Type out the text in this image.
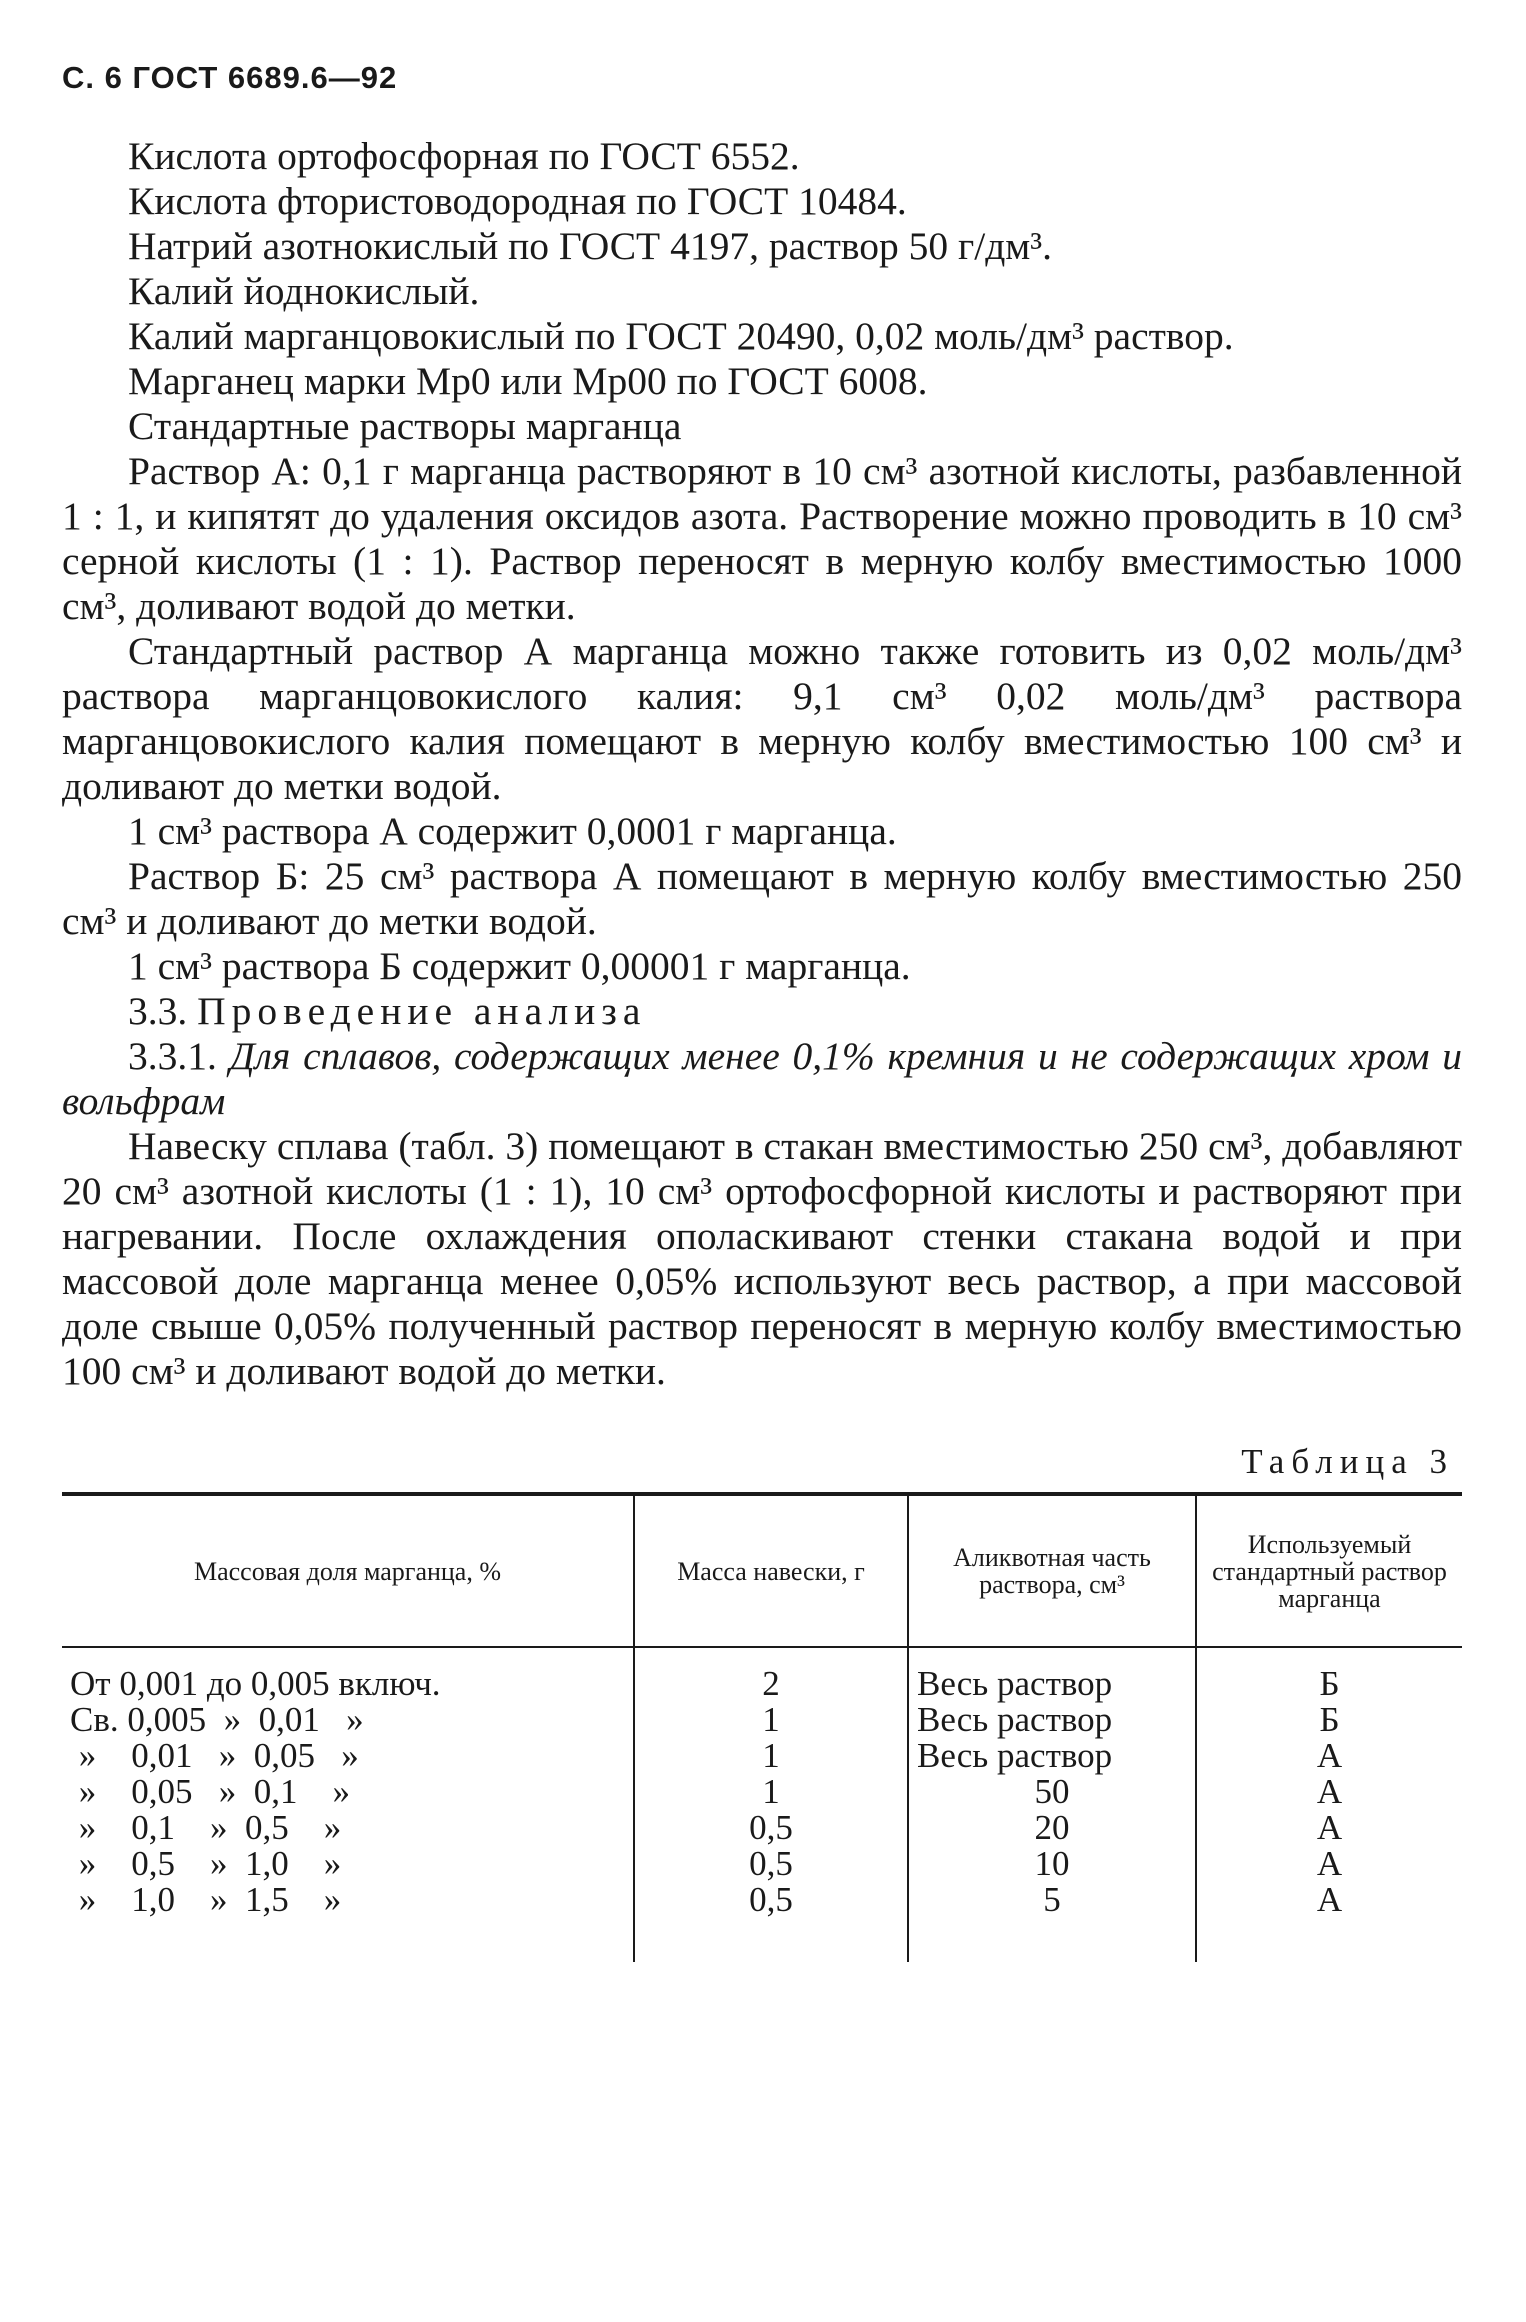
С. 6 ГОСТ 6689.6—92

Кислота ортофосфорная по ГОСТ 6552.

Кислота фтористоводородная по ГОСТ 10484.

Натрий азотнокислый по ГОСТ 4197, раствор 50 г/дм³.

Калий йоднокислый.

Калий марганцовокислый по ГОСТ 20490, 0,02 моль/дм³ раствор.

Марганец марки Мр0 или Мр00 по ГОСТ 6008.

Стандартные растворы марганца

Раствор А: 0,1 г марганца растворяют в 10 см³ азотной кислоты, разбавленной 1 : 1, и кипятят до удаления оксидов азота. Растворение можно проводить в 10 см³ серной кислоты (1 : 1). Раствор переносят в мерную колбу вместимостью 1000 см³, доливают водой до метки.

Стандартный раствор А марганца можно также готовить из 0,02 моль/дм³ раствора марганцовокислого калия: 9,1 см³ 0,02 моль/дм³ раствора марганцовокислого калия помещают в мерную колбу вместимостью 100 см³ и доливают до метки водой.

1 см³ раствора А содержит 0,0001 г марганца.

Раствор Б: 25 см³ раствора А помещают в мерную колбу вместимостью 250 см³ и доливают до метки водой.

1 см³ раствора Б содержит 0,00001 г марганца.

3.3. Проведение анализа

3.3.1. Для сплавов, содержащих менее 0,1% кремния и не содержащих хром и вольфрам

Навеску сплава (табл. 3) помещают в стакан вместимостью 250 см³, добавляют 20 см³ азотной кислоты (1 : 1), 10 см³ ортофосфорной кислоты и растворяют при нагревании. После охлаждения ополаскивают стенки стакана водой и при массовой доле марганца менее 0,05% используют весь раствор, а при массовой доле свыше 0,05% полученный раствор переносят в мерную колбу вместимостью 100 см³ и доливают водой до метки.

Таблица 3
Массовая доля марганца, %	Масса навески, г	Аликвотная часть раствора, см³	Используемый стандартный раствор марганца
От 0,001 до 0,005 включ.	2	Весь раствор	Б
Св. 0,005  »  0,01   »	1	Весь раствор	Б
»    0,01   »  0,05   »	1	Весь раствор	А
»    0,05   »  0,1    »	1	50	А
»    0,1    »  0,5    »	0,5	20	А
»    0,5    »  1,0    »	0,5	10	А
»    1,0    »  1,5    »	0,5	5	А
